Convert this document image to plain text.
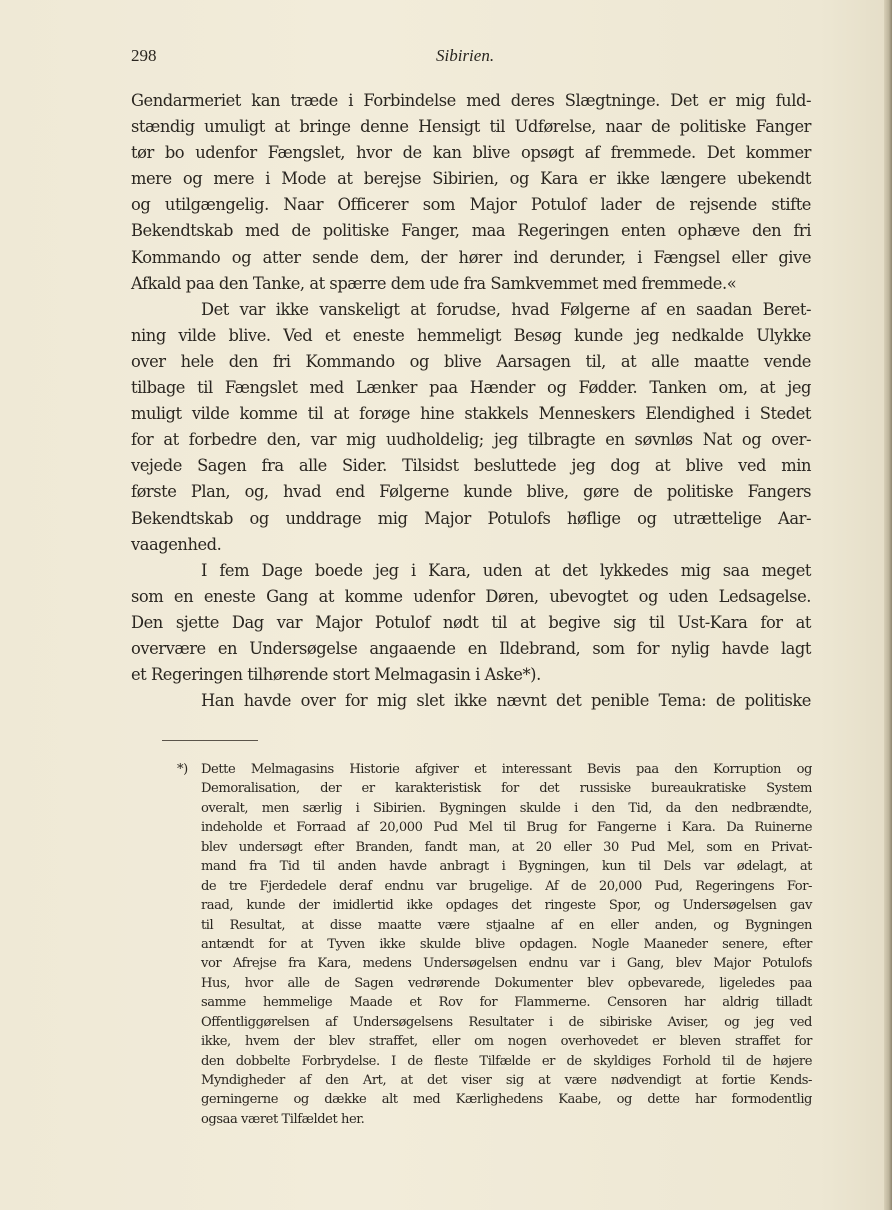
298	Sibirien.
Gendarmeriet kan træde i Forbindelse med deres Slægtninge. Det er mig fuld-
stændig umuligt at bringe denne Hensigt til Udførelse, naar de politiske Fanger
tør bo udenfor Fængslet, hvor de kan blive opsøgt af fremmede. Det kommer
mere og mere i Mode at berejse Sibirien, og Kara er ikke længere ubekendt
og utilgængelig. Naar Officerer som Major Potulof lader de rejsende stifte
Bekendtskab med de politiske Fanger, maa Regeringen enten ophæve den fri
Kommando og atter sende dem, der hører ind derunder, i Fængsel eller give
Afkald paa den Tanke, at spærre dem ude fra Samkvemmet med fremmede.«
Det var ikke vanskeligt at forudse, hvad Følgerne af en saadan Beret-
ning vilde blive. Ved et eneste hemmeligt Besøg kunde jeg nedkalde Ulykke
over hele den fri Kommando og blive Aarsagen til, at alle maatte vende
tilbage til Fængslet med Lænker paa Hænder og Fødder. Tanken om, at jeg
muligt vilde komme til at forøge hine stakkels Menneskers Elendighed i Stedet
for at forbedre den, var mig uudholdelig; jeg tilbragte en søvnløs Nat og over-
vejede Sagen fra alle Sider. Tilsidst besluttede jeg dog at blive ved min
første Plan, og, hvad end Følgerne kunde blive, gøre de politiske Fangers
Bekendtskab og unddrage mig Major Potulofs høflige og utrættelige Aar-
vaagenhed.
I fem Dage boede jeg i Kara, uden at det lykkedes mig saa meget
som en eneste Gang at komme udenfor Døren, ubevogtet og uden Ledsagelse.
Den sjette Dag var Major Potulof nødt til at begive sig til Ust-Kara for at
overvære en Undersøgelse angaaende en Ildebrand, som for nylig havde lagt
et Regeringen tilhørende stort Melmagasin i Aske*).
Han havde over for mig slet ikke nævnt det penible Tema: de politiske
*) Dette Melmagasins Historie afgiver et interessant Bevis paa den Korruption og
Demoralisation, der er karakteristisk for det russiske bureaukratiske System
overalt, men særlig i Sibirien. Bygningen skulde i den Tid, da den nedbrændte,
indeholde et Forraad af 20,000 Pud Mel til Brug for Fangerne i Kara. Da Ruinerne
blev undersøgt efter Branden, fandt man, at 20 eller 30 Pud Mel, som en Privat-
mand fra Tid til anden havde anbragt i Bygningen, kun til Dels var ødelagt, at
de tre Fjerdedele deraf endnu var brugelige. Af de 20,000 Pud, Regeringens For-
raad, kunde der imidlertid ikke opdages det ringeste Spor, og Undersøgelsen gav
til Resultat, at disse maatte være stjaalne af en eller anden, og Bygningen
antændt for at Tyven ikke skulde blive opdagen. Nogle Maaneder senere, efter
vor Afrejse fra Kara, medens Undersøgelsen endnu var i Gang, blev Major Potulofs
Hus, hvor alle de Sagen vedrørende Dokumenter blev opbevarede, ligeledes paa
samme hemmelige Maade et Rov for Flammerne. Censoren har aldrig tilladt
Offentliggørelsen af Undersøgelsens Resultater i de sibiriske Aviser, og jeg ved
ikke, hvem der blev straffet, eller om nogen overhovedet er bleven straffet for
den dobbelte Forbrydelse. I de fleste Tilfælde er de skyldiges Forhold til de højere
Myndigheder af den Art, at det viser sig at være nødvendigt at fortie Kends-
gerningerne og dække alt med Kærlighedens Kaabe, og dette har formodentlig
ogsaa været Tilfældet her.
